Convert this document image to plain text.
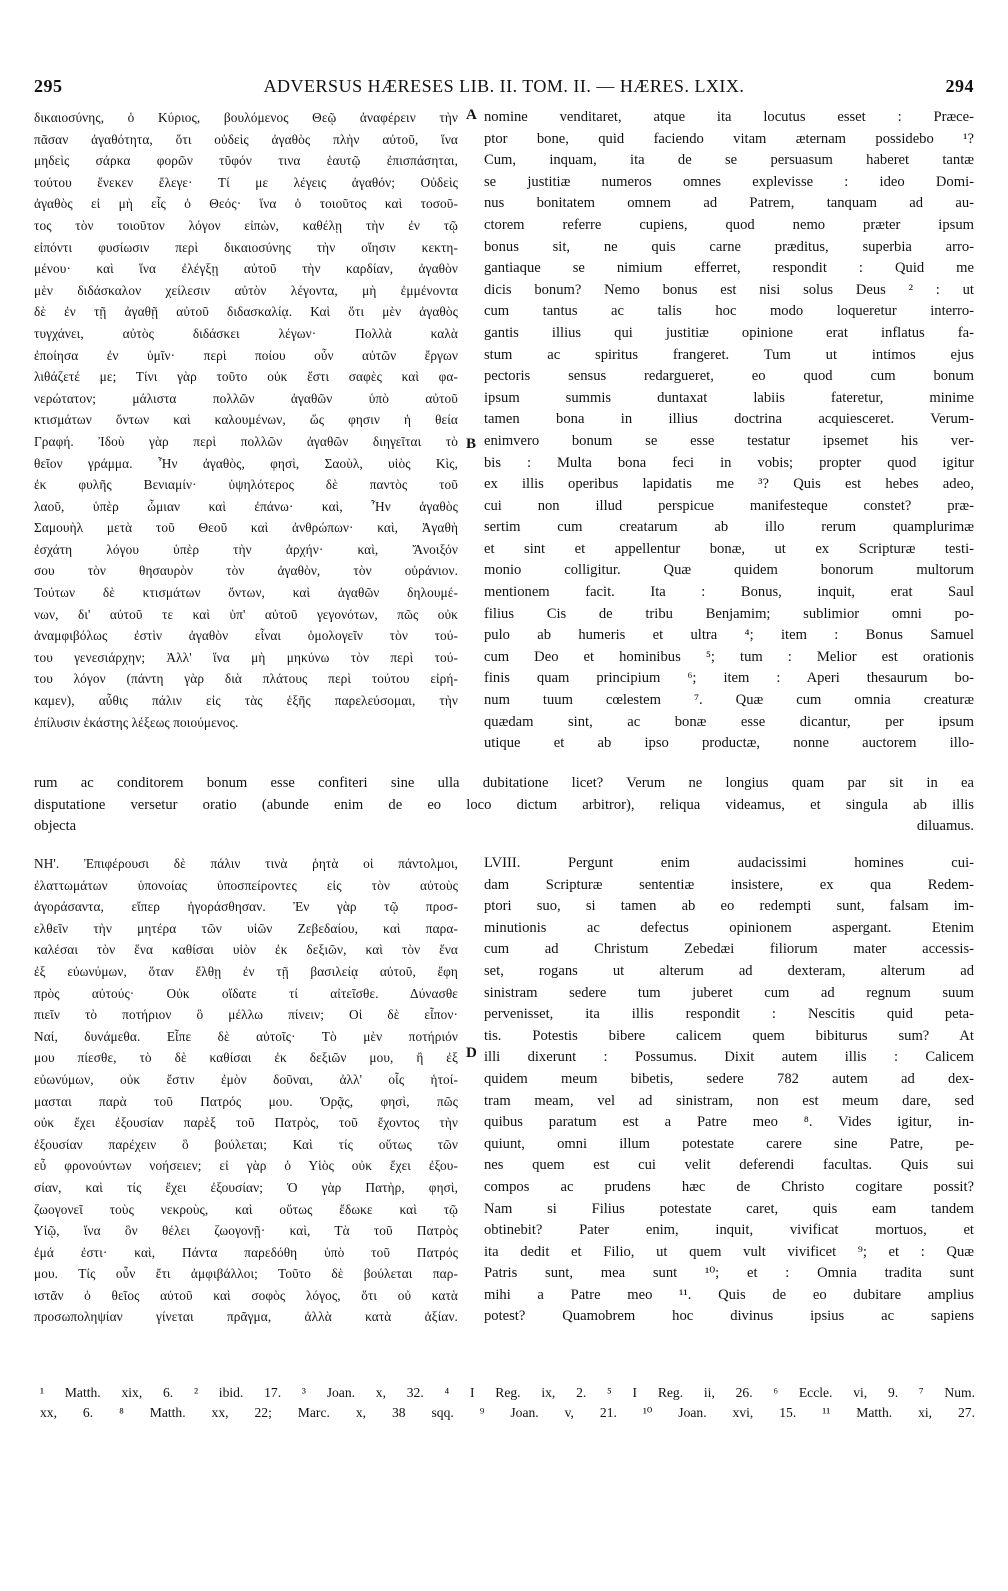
295	ADVERSUS HÆRESES LIB. II. TOM. II. — HÆRES. LXIX.	294
A
B
D
δικαιοσύνης, ὁ Κύριος, βουλόμενος Θεῷ ἀναφέρειν τὴν
πᾶσαν ἀγαθότητα, ὅτι οὐδεὶς ἀγαθὸς πλὴν αὐτοῦ, ἵνα
μηδεὶς σάρκα φορῶν τῦφόν τινα ἑαυτῷ ἐπισπάσηται,
τούτου ἕνεκεν ἔλεγε· Τί με λέγεις ἀγαθόν; Οὐδεὶς
ἀγαθὸς εἰ μὴ εἷς ὁ Θεός· ἵνα ὁ τοιοῦτος καὶ τοσοῦ-
τος τὸν τοιοῦτον λόγον εἰπὼν, καθέλῃ τὴν ἐν τῷ
εἰπόντι φυσίωσιν περὶ δικαιοσύνης τὴν οἴησιν κεκτη-
μένου· καὶ ἵνα ἐλέγξῃ αὐτοῦ τὴν καρδίαν, ἀγαθὸν
μὲν διδάσκαλον χείλεσιν αὐτὸν λέγοντα, μὴ ἐμμένοντα
δὲ ἐν τῇ ἀγαθῇ αὐτοῦ διδασκαλίᾳ. Καὶ ὅτι μὲν ἀγαθὸς
τυγχάνει, αὐτὸς διδάσκει λέγων· Πολλὰ καλὰ
ἐποίησα ἐν ὑμῖν· περὶ ποίου οὖν αὐτῶν ἔργων
λιθάζετέ με; Τίνι γὰρ τοῦτο οὐκ ἔστι σαφὲς καὶ φα-
νερώτατον; μάλιστα πολλῶν ἀγαθῶν ὑπὸ αὐτοῦ
κτισμάτων ὄντων καὶ καλουμένων, ὥς φησιν ἡ θεία
Γραφή. Ἰδοὺ γὰρ περὶ πολλῶν ἀγαθῶν διηγεῖται τὸ
θεῖον γράμμα. Ἦν ἀγαθὸς, φησὶ, Σαοὺλ, υἱὸς Κὶς,
ἐκ φυλῆς Βενιαμίν· ὑψηλότερος δὲ παντὸς τοῦ
λαοῦ, ὑπὲρ ὦμιαν καὶ ἐπάνω· καὶ, Ἦν ἀγαθὸς
Σαμουὴλ μετὰ τοῦ Θεοῦ καὶ ἀνθρώπων· καὶ, Ἀγαθὴ
ἐσχάτη λόγου ὑπὲρ τὴν ἀρχήν· καὶ, Ἄνοιξόν
σου τὸν θησαυρὸν τὸν ἀγαθὸν, τὸν οὐράνιον.
Τούτων δὲ κτισμάτων ὄντων, καὶ ἀγαθῶν δηλουμέ-
νων, δι' αὐτοῦ τε καὶ ὑπ' αὐτοῦ γεγονότων, πῶς οὐκ
ἀναμφιβόλως ἐστὶν ἀγαθὸν εἶναι ὁμολογεῖν τὸν τού-
του γενεσιάρχην; Ἀλλ' ἵνα μὴ μηκύνω τὸν περὶ τού-
του λόγον (πάντη γὰρ διὰ πλάτους περὶ τούτου εἰρή-
καμεν), αὖθις πάλιν εἰς τὰς ἑξῆς παρελεύσομαι, τὴν
ἐπίλυσιν ἑκάστης λέξεως ποιούμενος.
nomine venditaret, atque ita locutus esset : Præce-
ptor bone, quid faciendo vitam æternam possidebo ¹?
Cum, inquam, ita de se persuasum haberet tantæ
se justitiæ numeros omnes explevisse : ideo Domi-
nus bonitatem omnem ad Patrem, tanquam ad au-
ctorem referre cupiens, quod nemo præter ipsum
bonus sit, ne quis carne præditus, superbia arro-
gantiaque se nimium efferret, respondit : Quid me
dicis bonum? Nemo bonus est nisi solus Deus ² : ut
cum tantus ac talis hoc modo loqueretur interro-
gantis illius qui justitiæ opinione erat inflatus fa-
stum ac spiritus frangeret. Tum ut intimos ejus
pectoris sensus redargueret, eo quod cum bonum
ipsum summis duntaxat labiis fateretur, minime
tamen bona in illius doctrina acquiesceret. Verum-
enimvero bonum se esse testatur ipsemet his ver-
bis : Multa bona feci in vobis; propter quod igitur
ex illis operibus lapidatis me ³? Quis est hebes adeo,
cui non illud perspicue manifesteque constet? præ-
sertim cum creatarum ab illo rerum quamplurimæ
et sint et appellentur bonæ, ut ex Scripturæ testi-
monio colligitur. Quæ quidem bonorum multorum
mentionem facit. Ita : Bonus, inquit, erat Saul
filius Cis de tribu Benjamim; sublimior omni po-
pulo ab humeris et ultra ⁴; item : Bonus Samuel
cum Deo et hominibus ⁵; tum : Melior est orationis
finis quam principium ⁶; item : Aperi thesaurum bo-
num tuum cœlestem ⁷. Quæ cum omnia creaturæ
quædam sint, ac bonæ esse dicantur, per ipsum
utique et ab ipso productæ, nonne auctorem illo-
rum ac conditorem bonum esse confiteri sine ulla dubitatione licet? Verum ne longius quam par sit in ea
disputatione versetur oratio (abunde enim de eo loco dictum arbitror), reliqua videamus, et singula ab illis
objecta diluamus.
ΝΗ'. Ἐπιφέρουσι δὲ πάλιν τινὰ ῥητὰ οἱ πάντολμοι,
ἐλαττωμάτων ὑπονοίας ὑποσπείροντες εἰς τὸν αὐτοὺς
ἀγοράσαντα, εἴπερ ἠγοράσθησαν. Ἐν γὰρ τῷ προσ-
ελθεῖν τὴν μητέρα τῶν υἱῶν Ζεβεδαίου, καὶ παρα-
καλέσαι τὸν ἕνα καθίσαι υἱὸν ἐκ δεξιῶν, καὶ τὸν ἕνα
ἐξ εὐωνύμων, ὅταν ἔλθῃ ἐν τῇ βασιλείᾳ αὐτοῦ, ἔφη
πρὸς αὐτούς· Οὐκ οἴδατε τί αἰτεῖσθε. Δύνασθε
πιεῖν τὸ ποτήριον ὃ μέλλω πίνειν; Οἱ δὲ εἶπον·
Ναί, δυνάμεθα. Εἶπε δὲ αὐτοῖς· Τὸ μὲν ποτήριόν
μου πίεσθε, τὸ δὲ καθίσαι ἐκ δεξιῶν μου, ἢ ἐξ
εὐωνύμων, οὐκ ἔστιν ἐμὸν δοῦναι, ἀλλ' οἷς ἡτοί-
μασται παρὰ τοῦ Πατρός μου. Ὁρᾷς, φησὶ, πῶς
οὐκ ἔχει ἐξουσίαν παρὲξ τοῦ Πατρὸς, τοῦ ἔχοντος τὴν
ἐξουσίαν παρέχειν ὃ βούλεται; Καὶ τίς οὕτως τῶν
εὖ φρονούντων νοήσειεν; εἰ γὰρ ὁ Υἱὸς οὐκ ἔχει ἐξου-
σίαν, καὶ τίς ἔχει ἐξουσίαν; Ὁ γὰρ Πατὴρ, φησὶ,
ζωογονεῖ τοὺς νεκροὺς, καὶ οὕτως ἔδωκε καὶ τῷ
Υἱῷ, ἵνα ὃν θέλει ζωογονῇ· καὶ, Τὰ τοῦ Πατρὸς
ἐμά ἐστι· καὶ, Πάντα παρεδόθη ὑπὸ τοῦ Πατρός
μου. Τίς οὖν ἔτι ἀμφιβάλλοι; Τοῦτο δὲ βούλεται παρ-
ιστᾶν ὁ θεῖος αὐτοῦ καὶ σοφὸς λόγος, ὅτι οὐ κατὰ
προσωποληψίαν γίνεται πρᾶγμα, ἀλλὰ κατὰ ἀξίαν.
LVIII. Pergunt enim audacissimi homines cui-
dam Scripturæ sententiæ insistere, ex qua Redem-
ptori suo, si tamen ab eo redempti sunt, falsam im-
minutionis ac defectus opinionem aspergant. Etenim
cum ad Christum Zebedæi filiorum mater accessis-
set, rogans ut alterum ad dexteram, alterum ad
sinistram sedere tum juberet cum ad regnum suum
pervenisset, ita illis respondit : Nescitis quid peta-
tis. Potestis bibere calicem quem bibiturus sum? At
illi dixerunt : Possumus. Dixit autem illis : Calicem
quidem meum bibetis, sedere 782 autem ad dex-
tram meam, vel ad sinistram, non est meum dare, sed
quibus paratum est a Patre meo ⁸. Vides igitur, in-
quiunt, omni illum potestate carere sine Patre, pe-
nes quem est cui velit deferendi facultas. Quis sui
compos ac prudens hæc de Christo cogitare possit?
Nam si Filius potestate caret, quis eam tandem
obtinebit? Pater enim, inquit, vivificat mortuos, et
ita dedit et Filio, ut quem vult vivificet ⁹; et : Quæ
Patris sunt, mea sunt ¹⁰; et : Omnia tradita sunt
mihi a Patre meo ¹¹. Quis de eo dubitare amplius
potest? Quamobrem hoc divinus ipsius ac sapiens
¹ Matth. xix, 6. ² ibid. 17. ³ Joan. x, 32. ⁴ I Reg. ix, 2. ⁵ I Reg. ii, 26. ⁶ Eccle. vi, 9. ⁷ Num.
xx, 6. ⁸ Matth. xx, 22; Marc. x, 38 sqq. ⁹ Joan. v, 21. ¹⁰ Joan. xvi, 15. ¹¹ Matth. xi, 27.
